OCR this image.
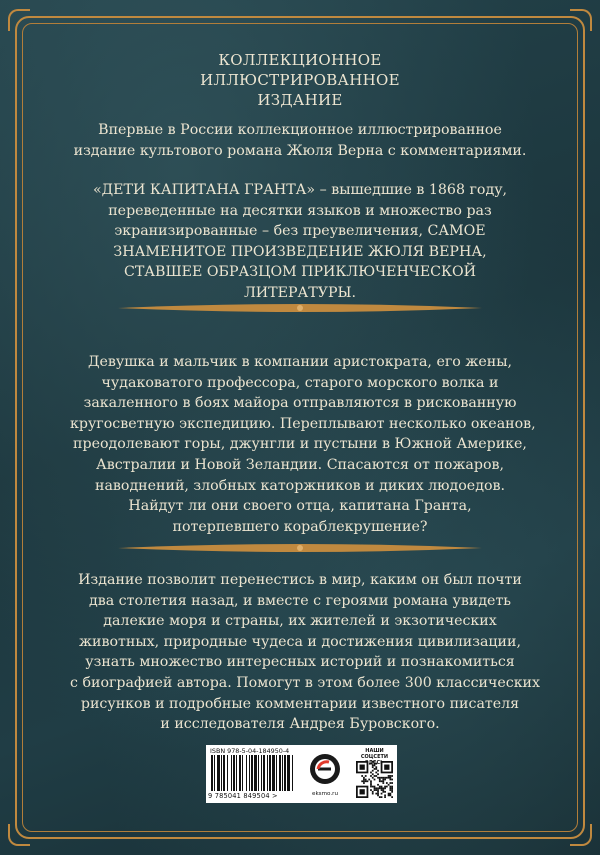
КОЛЛЕКЦИОННОЕ
ИЛЛЮСТРИРОВАННОЕ
ИЗДАНИЕ
Впервые в России коллекционное иллюстрированное
издание культового романа Жюля Верна с комментариями.
«ДЕТИ КАПИТАНА ГРАНТА» – вышедшие в 1868 году,
переведенные на десятки языков и множество раз
экранизированные – без преувеличения, САМОЕ
ЗНАМЕНИТОЕ ПРОИЗВЕДЕНИЕ ЖЮЛЯ ВЕРНА,
СТАВШЕЕ ОБРАЗЦОМ ПРИКЛЮЧЕНЧЕСКОЙ
ЛИТЕРАТУРЫ.
Девушка и мальчик в компании аристократа, его жены,
чудаковатого профессора, старого морского волка и
закаленного в боях майора отправляются в рискованную
кругосветную экспедицию. Переплывают несколько океанов,
преодолевают горы, джунгли и пустыни в Южной Америке,
Австралии и Новой Зеландии. Спасаются от пожаров,
наводнений, злобных каторжников и диких людоедов.
Найдут ли они своего отца, капитана Гранта,
потерпевшего кораблекрушение?
Издание позволит перенестись в мир, каким он был почти
два столетия назад, и вместе с героями романа увидеть
далекие моря и страны, их жителей и экзотических
животных, природные чудеса и достижения цивилизации,
узнать множество интересных историй и познакомиться
с биографией автора. Помогут в этом более 300 классических
рисунков и подробные комментарии известного писателя
и исследователя Андрея Буровского.
ISBN 978-5-04-184950-4
9 785041 849504 >	eksmo.ru
НАШИ СОЦСЕТИ
